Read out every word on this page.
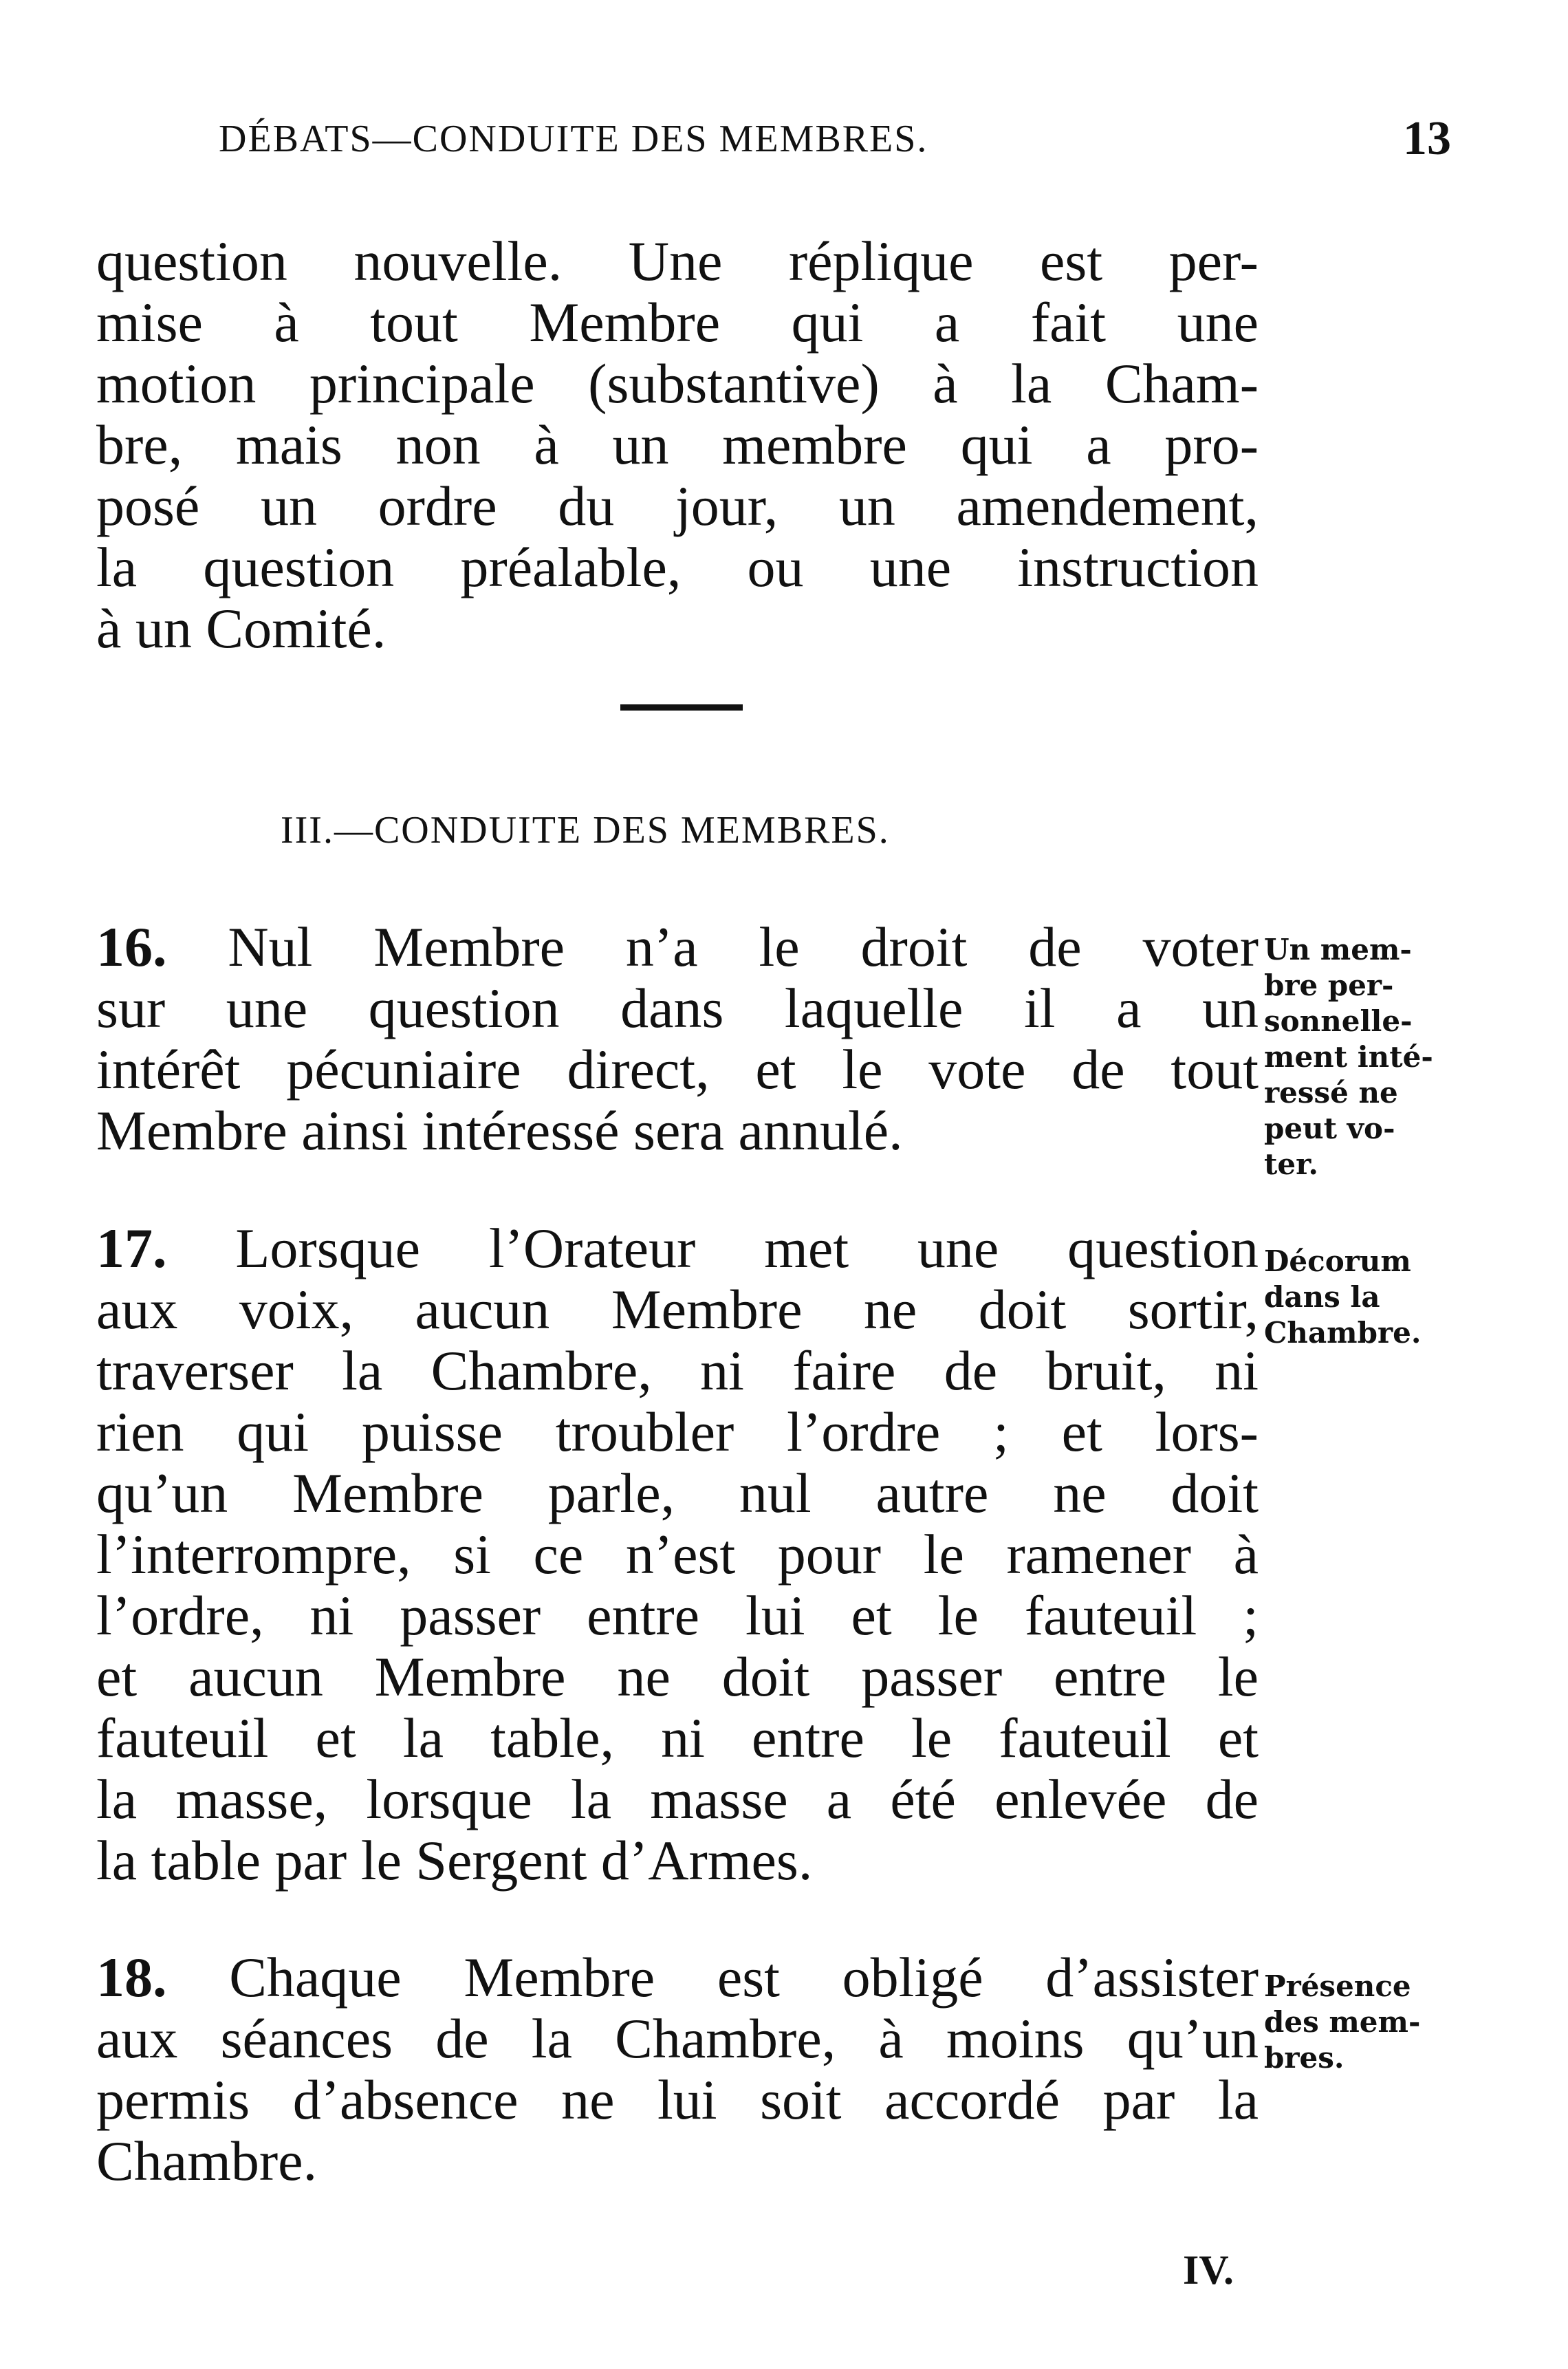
DÉBATS—CONDUITE DES MEMBRES.	13
question nouvelle. Une réplique est per-
mise à tout Membre qui a fait une
motion principale (substantive) à la Cham-
bre, mais non à un membre qui a pro-
posé un ordre du jour, un amendement,
la question préalable, ou une instruction
à un Comité.
III.—CONDUITE DES MEMBRES.
16. Nul Membre n’a le droit de voter
sur une question dans laquelle il a un
intérêt pécuniaire direct, et le vote de tout
Membre ainsi intéressé sera annulé.
Un mem-
bre per-
sonnelle-
ment inté-
ressé ne
peut vo-
ter.
17. Lorsque l’Orateur met une question
aux voix, aucun Membre ne doit sortir,
traverser la Chambre, ni faire de bruit, ni
rien qui puisse troubler l’ordre ; et lors-
qu’un Membre parle, nul autre ne doit
l’interrompre, si ce n’est pour le ramener à
l’ordre, ni passer entre lui et le fauteuil ;
et aucun Membre ne doit passer entre le
fauteuil et la table, ni entre le fauteuil et
la masse, lorsque la masse a été enlevée de
la table par le Sergent d’Armes.
Décorum
dans la
Chambre.
18. Chaque Membre est obligé d’assister
aux séances de la Chambre, à moins qu’un
permis d’absence ne lui soit accordé par la
Chambre.
Présence
des mem-
bres.
IV.
